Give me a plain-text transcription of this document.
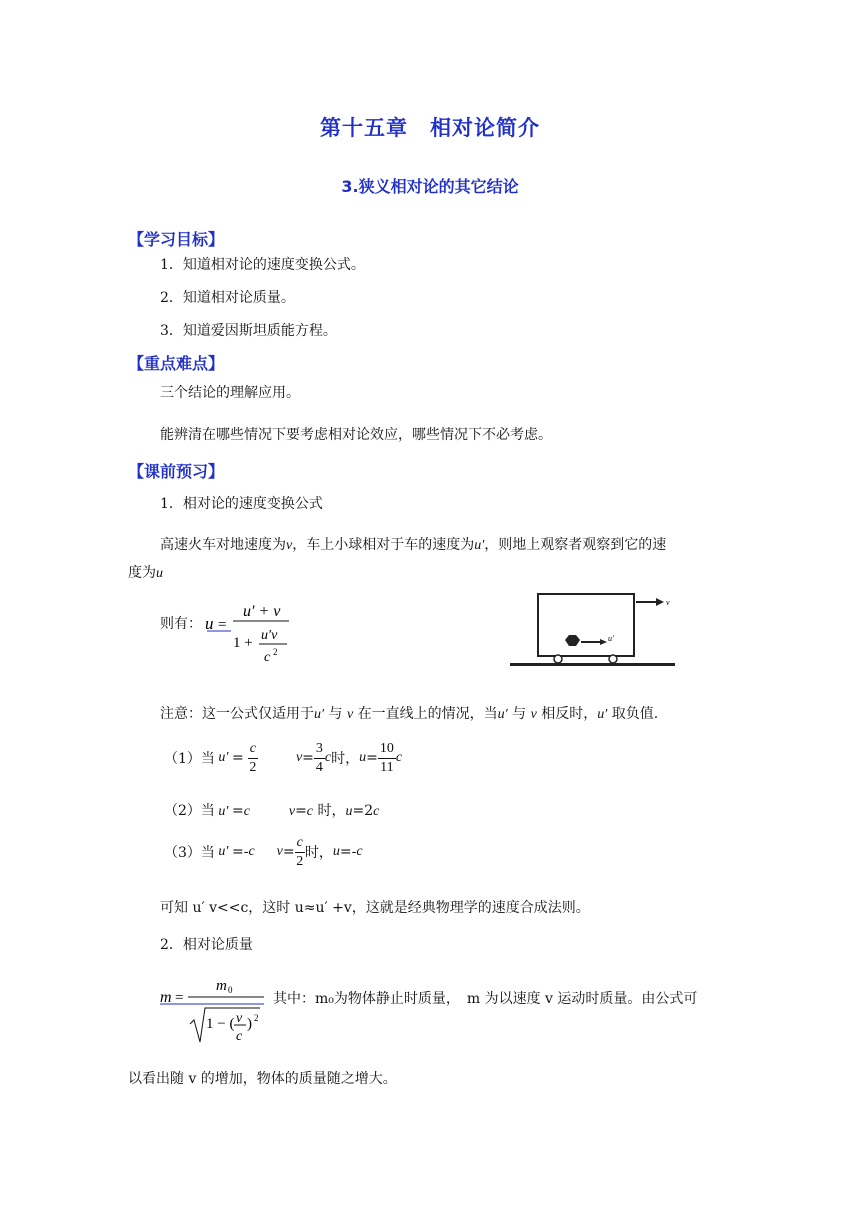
第十五章　相对论简介
3.狭义相对论的其它结论
【学习目标】
1．知道相对论的速度变换公式。
2．知道相对论质量。
3．知道爱因斯坦质能方程。
【重点难点】
三个结论的理解应用。
能辨清在哪些情况下要考虑相对论效应，哪些情况下不必考虑。
【课前预习】
1．相对论的速度变换公式
高速火车对地速度为v，车上小球相对于车的速度为u′，则地上观察者观察到它的速
度为u
则有： u =
u′ + v
1 + u′v
c 2
v
u′
注意：这一公式仅适用于u′ 与 v 在一直线上的情况，当u′ 与 v 相反时，u′ 取负值.
（1）当 $u' = \frac{c}{2}$	$v = \frac{3}{4}$ c 时， $u = \frac{10}{11}$ c
（2）当 u′ =c	v=c 时，u=2c
（3）当 u′ =- c $v = \frac{c}{2}$ 时， u =- c
可知 u′ v<<c，这时 u≈u′ +v，这就是经典物理学的速度合成法则。
2．相对论质量
m =
m 0
1 − ( v
c
) 2
其中：m₀为物体静止时质量，　m 为以速度 v 运动时质量。由公式可
以看出随 v 的增加，物体的质量随之增大。
